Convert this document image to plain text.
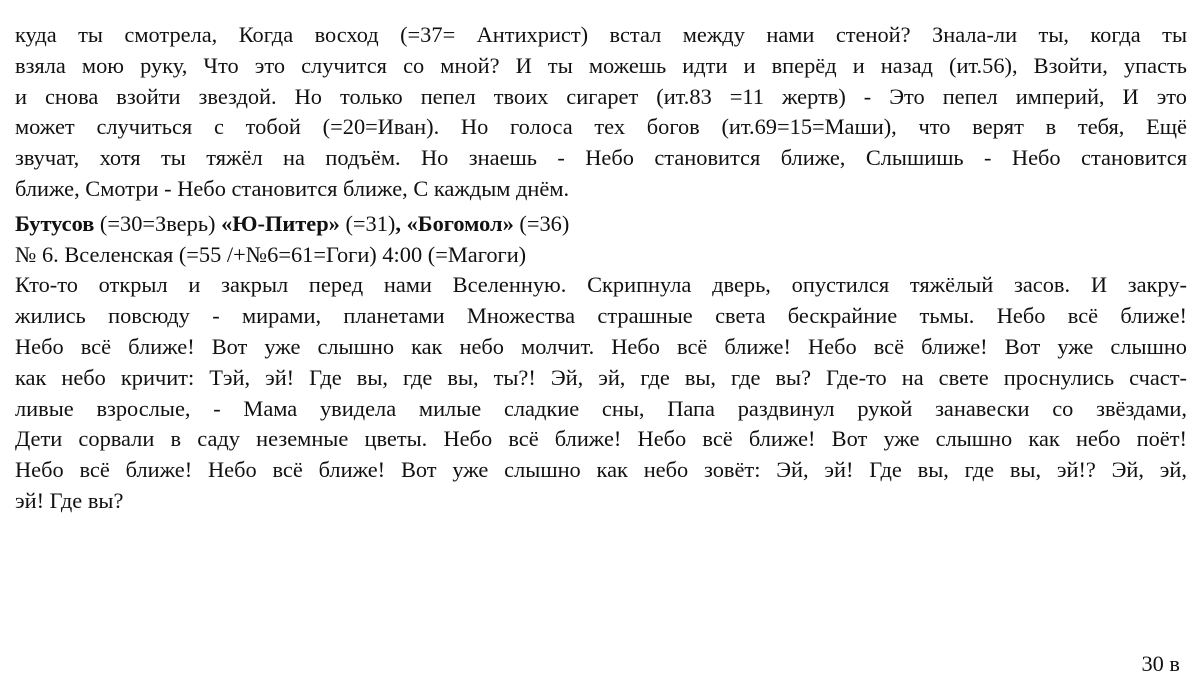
куда ты смотрела, Когда восход (=37= Антихрист) встал между нами стеной? Знала-ли ты, когда ты
взяла мою руку, Что это случится со мной? И ты можешь идти и вперёд и назад (ит.56), Взойти, упасть
и снова взойти звездой. Но только пепел твоих сигарет (ит.83 =11 жертв) - Это пепел империй, И это
может случиться с тобой (=20=Иван). Но голоса тех богов (ит.69=15=Маши), что верят в тебя, Ещё
звучат, хотя ты тяжёл на подъём. Но знаешь - Небо становится ближе, Слышишь - Небо становится
ближе, Смотри - Небо становится ближе, С каждым днём.
Бутусов (=30=Зверь) «Ю-Питер» (=31), «Богомол» (=36)
№ 6. Вселенская (=55 /+№6=61=Гоги) 4:00 (=Магоги)
Кто-то открыл и закрыл перед нами Вселенную. Скрипнула дверь, опустился тяжёлый засов. И закру-
жились повсюду - мирами, планетами Множества страшные света бескрайние тьмы. Небо всё ближе!
Небо всё ближе! Вот уже слышно как небо молчит. Небо всё ближе! Небо всё ближе! Вот уже слышно
как небо кричит: Тэй, эй! Где вы, где вы, ты?! Эй, эй, где вы, где вы? Где-то на свете проснулись счаст-
ливые взрослые, - Мама увидела милые сладкие сны, Папа раздвинул рукой занавески со звёздами,
Дети сорвали в саду неземные цветы. Небо всё ближе! Небо всё ближе! Вот уже слышно как небо поёт!
Небо всё ближе! Небо всё ближе! Вот уже слышно как небо зовёт: Эй, эй! Где вы, где вы, эй!? Эй, эй,
эй! Где вы?
30 в
